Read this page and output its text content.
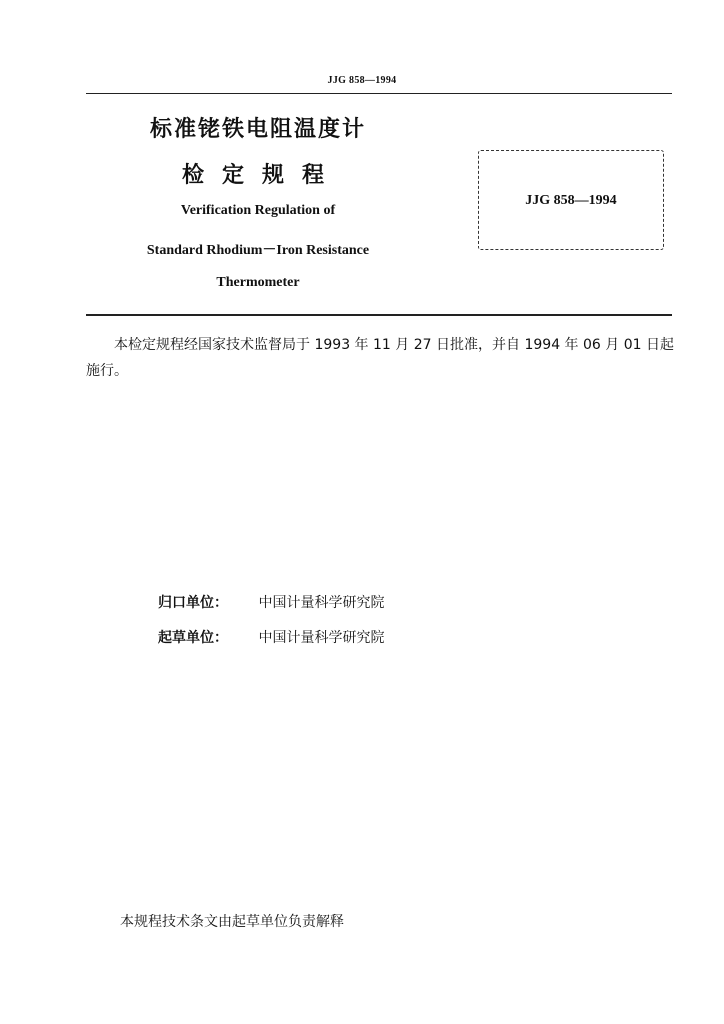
JJG 858—1994
标准铑铁电阻温度计
检定规程
Verification Regulation of
Standard Rhodium－Iron Resistance
Thermometer
JJG 858—1994
本检定规程经国家技术监督局于 1993 年 11 月 27 日批准，并自 1994 年 06 月 01 日起施行。
归口单位： 中国计量科学研究院
起草单位： 中国计量科学研究院
本规程技术条文由起草单位负责解释
